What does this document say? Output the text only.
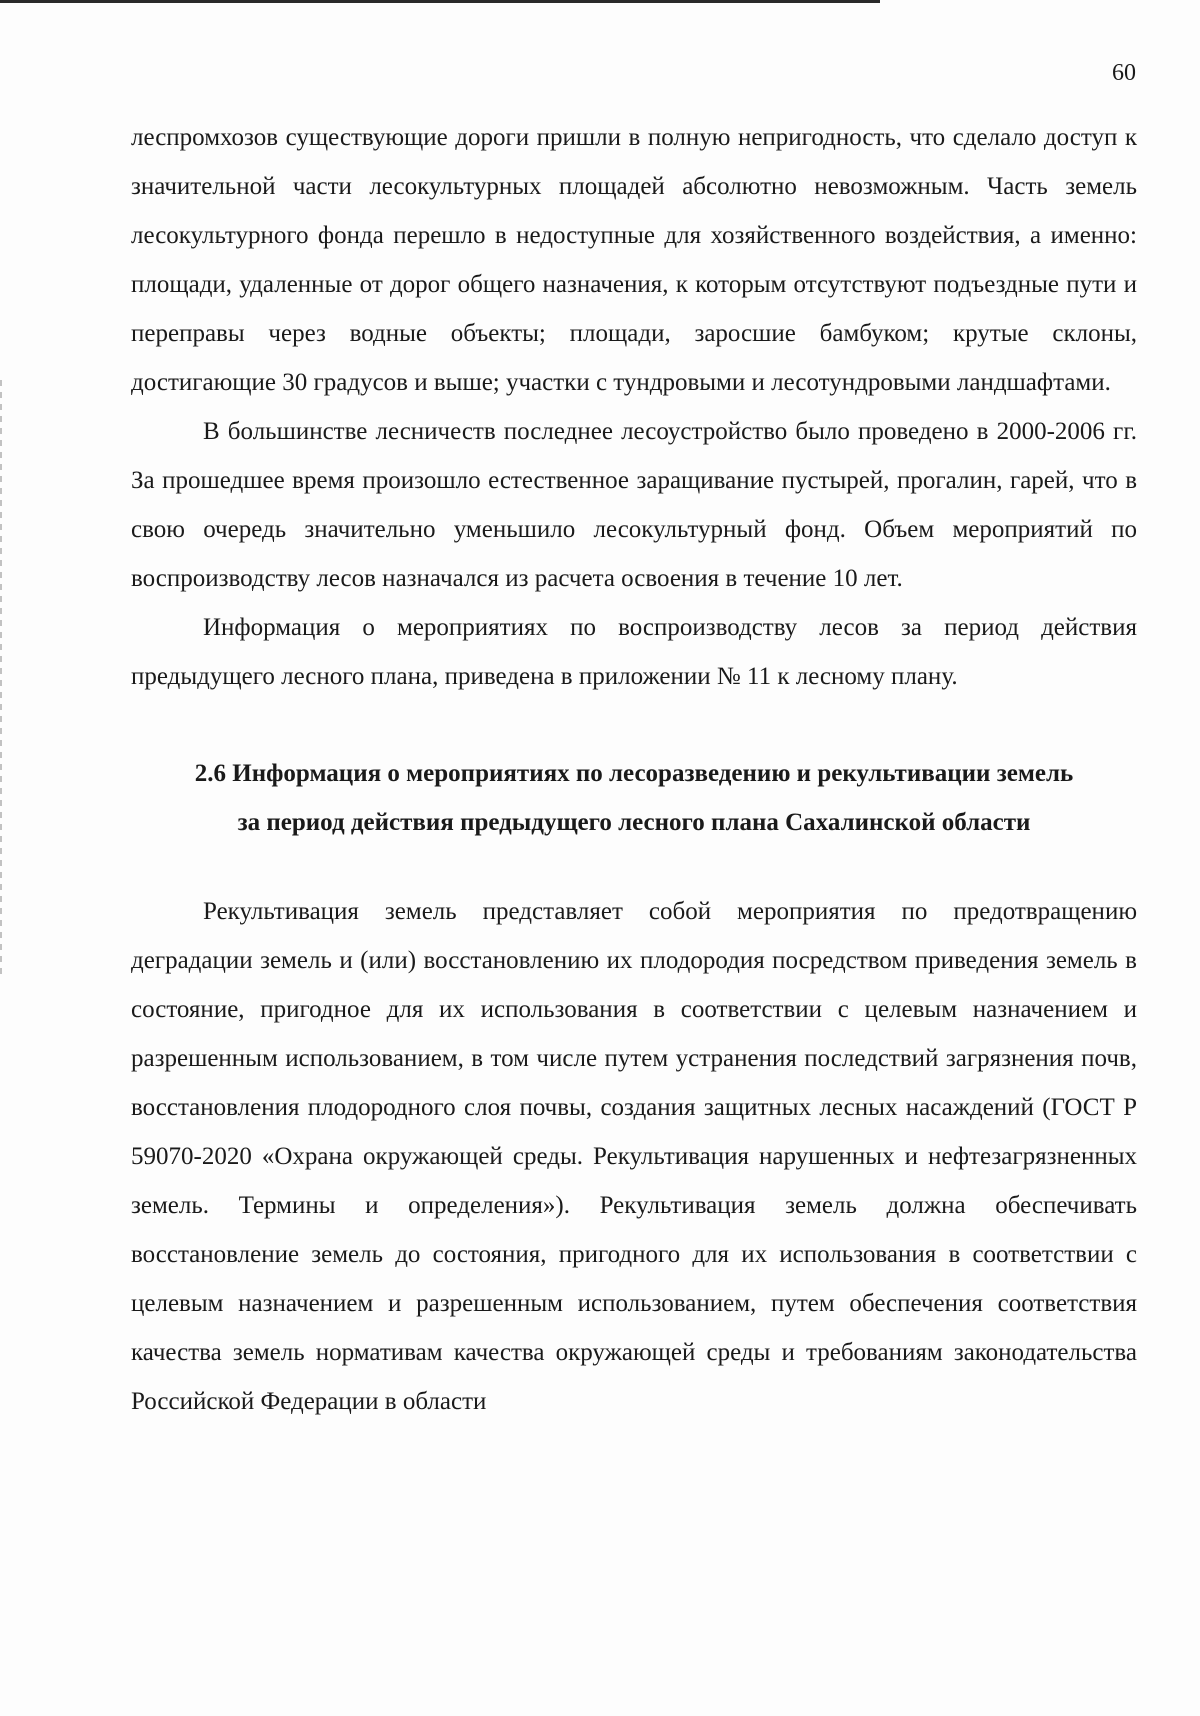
60

леспромхозов существующие дороги пришли в полную непригодность, что сделало доступ к значительной части лесокультурных площадей абсолютно невозможным. Часть земель лесокультурного фонда перешло в недоступные для хозяйственного воздействия, а именно: площади, удаленные от дорог общего назначения, к которым отсутствуют подъездные пути и переправы через водные объекты; площади, заросшие бамбуком; крутые склоны, достигающие 30 градусов и выше; участки с тундровыми и лесотундровыми ландшафтами.

В большинстве лесничеств последнее лесоустройство было проведено в 2000-2006 гг. За прошедшее время произошло естественное заращивание пустырей, прогалин, гарей, что в свою очередь значительно уменьшило лесокультурный фонд. Объем мероприятий по воспроизводству лесов назначался из расчета освоения в течение 10 лет.

Информация о мероприятиях по воспроизводству лесов за период действия предыдущего лесного плана, приведена в приложении № 11 к лесному плану.

2.6 Информация о мероприятиях по лесоразведению и рекультивации земель
за период действия предыдущего лесного плана Сахалинской области

Рекультивация земель представляет собой мероприятия по предотвращению деградации земель и (или) восстановлению их плодородия посредством приведения земель в состояние, пригодное для их использования в соответствии с целевым назначением и разрешенным использованием, в том числе путем устранения последствий загрязнения почв, восстановления плодородного слоя почвы, создания защитных лесных насаждений (ГОСТ Р 59070-2020 «Охрана окружающей среды. Рекультивация нарушенных и нефтезагрязненных земель. Термины и определения»). Рекультивация земель должна обеспечивать восстановление земель до состояния, пригодного для их использования в соответствии с целевым назначением и разрешенным использованием, путем обеспечения соответствия качества земель нормативам качества окружающей среды и требованиям законодательства Российской Федерации в области
